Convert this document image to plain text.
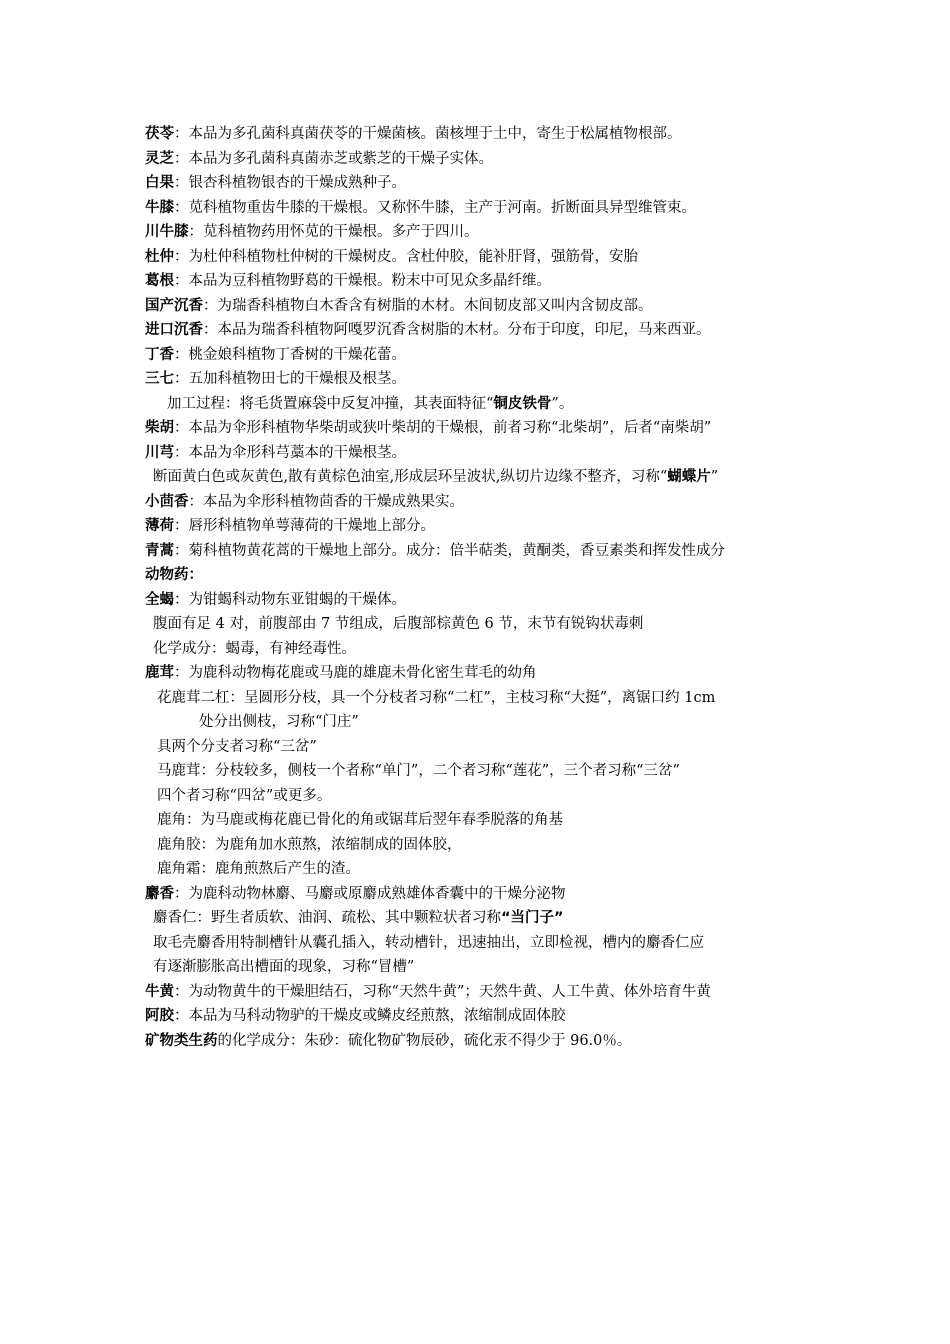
茯苓：本品为多孔菌科真菌茯苓的干燥菌核。菌核埋于土中，寄生于松属植物根部。
灵芝：本品为多孔菌科真菌赤芝或紫芝的干燥子实体。
白果：银杏科植物银杏的干燥成熟种子。
牛膝：苋科植物重齿牛膝的干燥根。又称怀牛膝，主产于河南。折断面具异型维管束。
川牛膝：苋科植物药用怀苋的干燥根。多产于四川。
杜仲：为杜仲科植物杜仲树的干燥树皮。含杜仲胶，能补肝肾，强筋骨，安胎
葛根：本品为豆科植物野葛的干燥根。粉末中可见众多晶纤维。
国产沉香：为瑞香科植物白木香含有树脂的木材。木间韧皮部又叫内含韧皮部。
进口沉香：本品为瑞香科植物阿嘎罗沉香含树脂的木材。分布于印度，印尼，马来西亚。
丁香：桃金娘科植物丁香树的干燥花蕾。
三七：五加科植物田七的干燥根及根茎。
加工过程：将毛货置麻袋中反复冲撞，其表面特征“铜皮铁骨”。
柴胡：本品为伞形科植物华柴胡或狭叶柴胡的干燥根，前者习称“北柴胡”，后者“南柴胡”
川芎：本品为伞形科芎藁本的干燥根茎。
断面黄白色或灰黄色,散有黄棕色油室,形成层环呈波状,纵切片边缘不整齐，习称“蝴蝶片”
小茴香：本品为伞形科植物茴香的干燥成熟果实。
薄荷：唇形科植物单萼薄荷的干燥地上部分。
青蒿：菊科植物黄花蒿的干燥地上部分。成分：倍半萜类，黄酮类，香豆素类和挥发性成分
动物药：
全蝎：为钳蝎科动物东亚钳蝎的干燥体。
腹面有足 4 对，前腹部由 7 节组成，后腹部棕黄色 6 节，末节有锐钩状毒刺
化学成分：蝎毒，有神经毒性。
鹿茸：为鹿科动物梅花鹿或马鹿的雄鹿未骨化密生茸毛的幼角
花鹿茸二杠：呈圆形分枝，具一个分枝者习称“二杠”，主枝习称“大挺”，离锯口约 1cm
处分出侧枝，习称“门庄”
具两个分支者习称“三岔”
马鹿茸：分枝较多，侧枝一个者称“单门”，二个者习称“莲花”，三个者习称“三岔”
四个者习称“四岔”或更多。
鹿角：为马鹿或梅花鹿已骨化的角或锯茸后翌年春季脱落的角基
鹿角胶：为鹿角加水煎熬，浓缩制成的固体胶，
鹿角霜：鹿角煎熬后产生的渣。
麝香：为鹿科动物林麝、马麝或原麝成熟雄体香囊中的干燥分泌物
麝香仁：野生者质软、油润、疏松、其中颗粒状者习称“当门子”
取毛壳麝香用特制槽针从囊孔插入，转动槽针，迅速抽出，立即检视，槽内的麝香仁应
有逐渐膨胀高出槽面的现象，习称“冒槽”
牛黄：为动物黄牛的干燥胆结石，习称“天然牛黄”；天然牛黄、人工牛黄、体外培育牛黄
阿胶：本品为马科动物驴的干燥皮或鳞皮经煎熬，浓缩制成固体胶
矿物类生药的化学成分：朱砂：硫化物矿物辰砂，硫化汞不得少于 96.0％。
